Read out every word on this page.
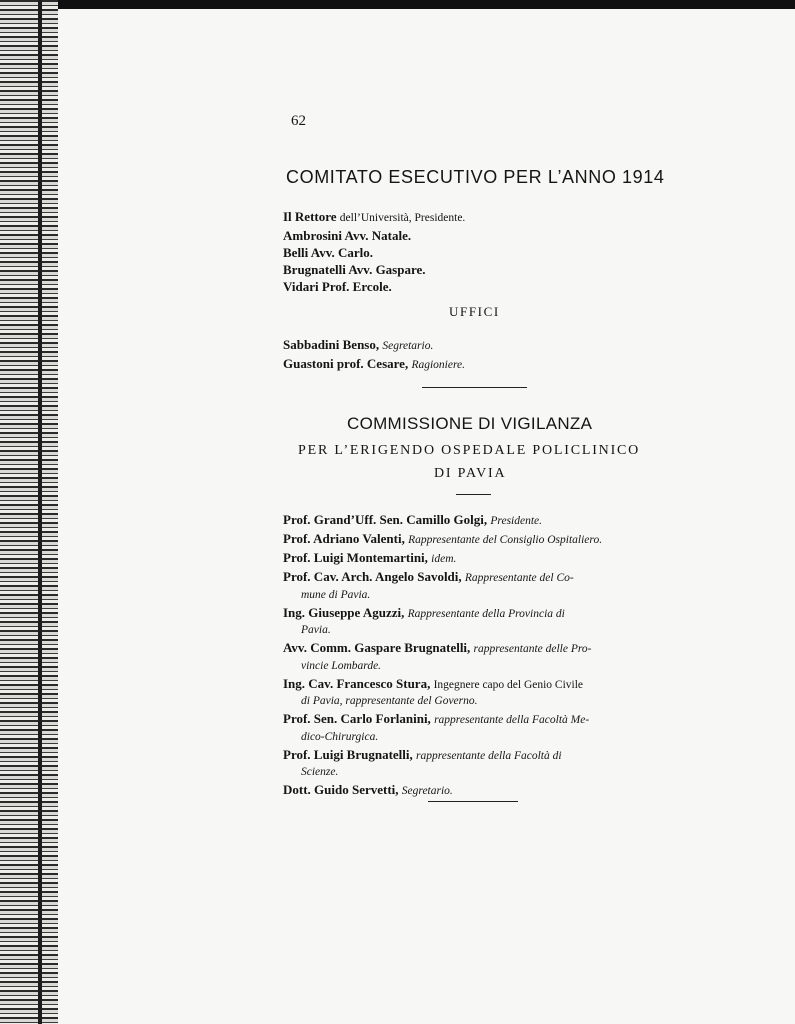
62
COMITATO ESECUTIVO PER L’ANNO 1914
Il Rettore dell’Università, Presidente.
Ambrosini Avv. Natale.
Belli Avv. Carlo.
Brugnatelli Avv. Gaspare.
Vidari Prof. Ercole.
UFFICI
Sabbadini Benso, Segretario.
Guastoni prof. Cesare, Ragioniere.
COMMISSIONE DI VIGILANZA
PER L’ERIGENDO OSPEDALE POLICLINICO
DI PAVIA
Prof. Grand’Uff. Sen. Camillo Golgi, Presidente.
Prof. Adriano Valenti, Rappresentante del Consiglio Ospitaliero.
Prof. Luigi Montemartini, idem.
Prof. Cav. Arch. Angelo Savoldi, Rappresentante del Co-
mune di Pavia.
Ing. Giuseppe Aguzzi, Rappresentante della Provincia di
Pavia.
Avv. Comm. Gaspare Brugnatelli, rappresentante delle Pro-
vincie Lombarde.
Ing. Cav. Francesco Stura, Ingegnere capo del Genio Civile
di Pavia, rappresentante del Governo.
Prof. Sen. Carlo Forlanini, rappresentante della Facoltà Me-
dico-Chirurgica.
Prof. Luigi Brugnatelli, rappresentante della Facoltà di
Scienze.
Dott. Guido Servetti, Segretario.
